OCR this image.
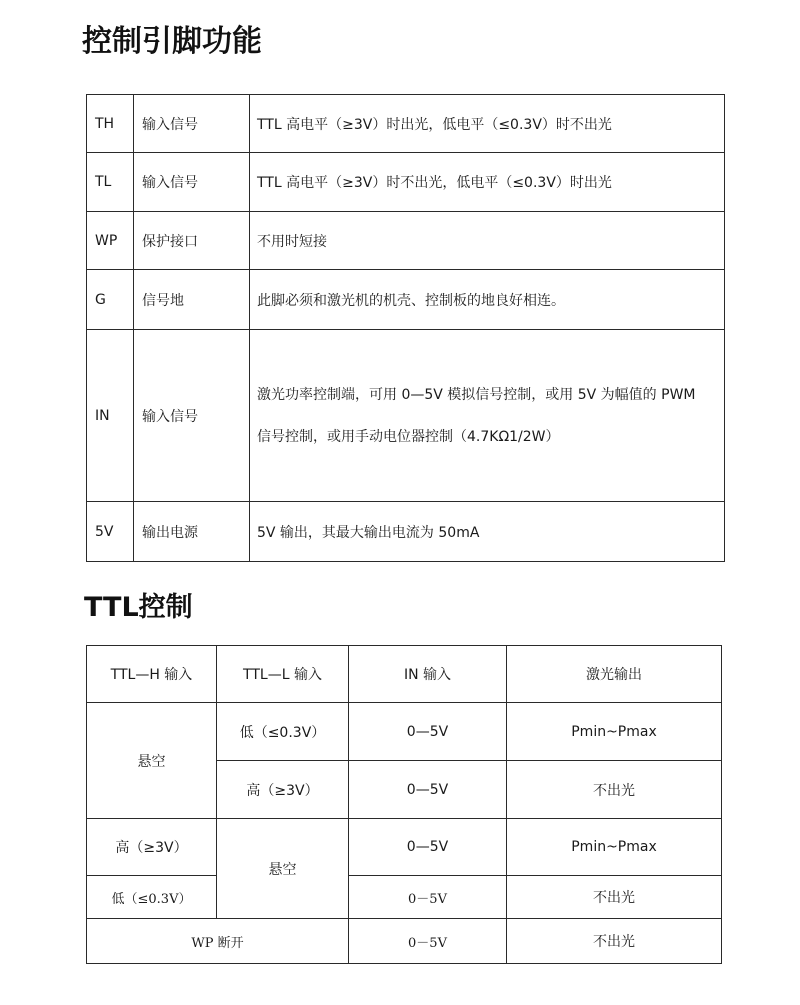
控制引脚功能
TH	输入信号	TTL 高电平（≥3V）时出光，低电平（≤0.3V）时不出光
TL	输入信号	TTL 高电平（≥3V）时不出光，低电平（≤0.3V）时出光
WP	保护接口	不用时短接
G	信号地	此脚必须和激光机的机壳、控制板的地良好相连。
IN	输入信号	激光功率控制端，可用 0—5V 模拟信号控制，或用 5V 为幅值的 PWM
信号控制，或用手动电位器控制（4.7KΩ1/2W）

5V	输出电源	5V 输出，其最大输出电流为 50mA
TTL控制
TTL—H 输入	TTL—L 输入	IN 输入	激光输出
悬空	低（≤0.3V）	0—5V	Pmin~Pmax
	高（≥3V）	0—5V	不出光
高（≥3V）	悬空	0—5V	Pmin~Pmax
低（≤0.3V）		0－5V	不出光
WP 断开		0－5V	不出光
